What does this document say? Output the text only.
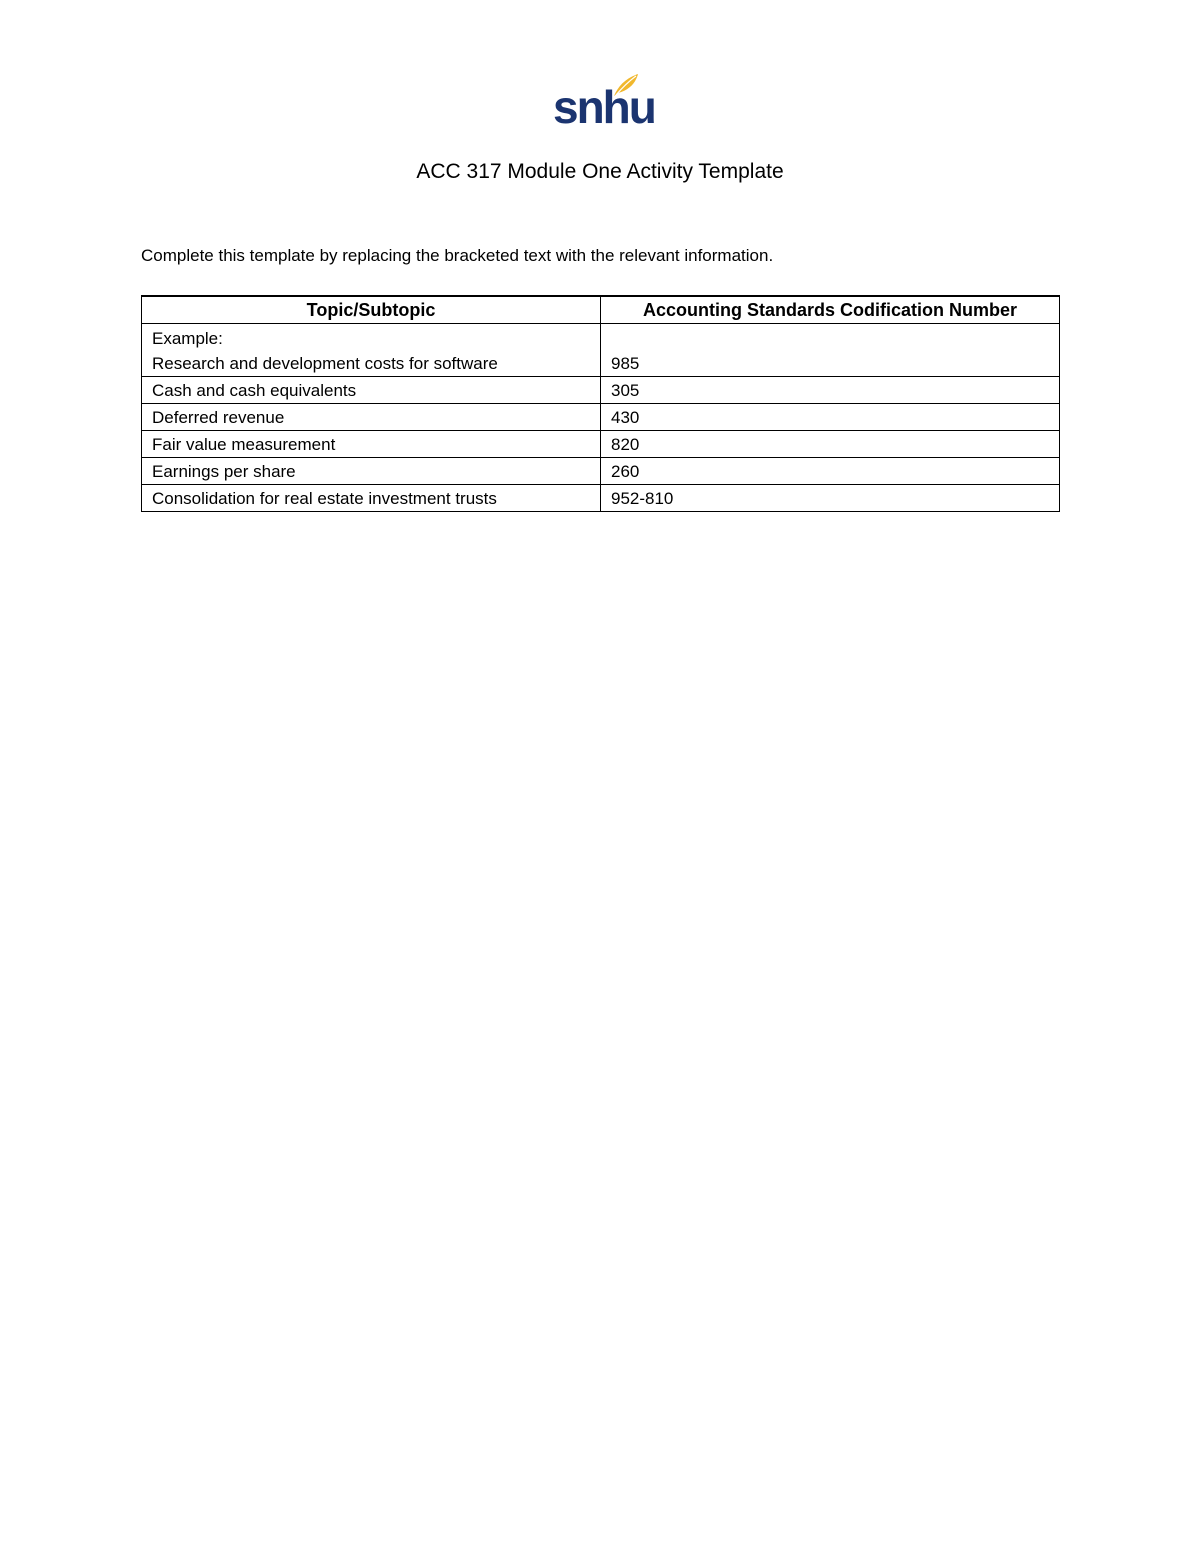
snhu
ACC 317 Module One Activity Template

Complete this template by replacing the bracketed text with the relevant information.

Topic/Subtopic	Accounting Standards Codification Number

Example:
Research and development costs for software	985
Cash and cash equivalents	305
Deferred revenue	430
Fair value measurement	820
Earnings per share	260
Consolidation for real estate investment trusts	952-810
